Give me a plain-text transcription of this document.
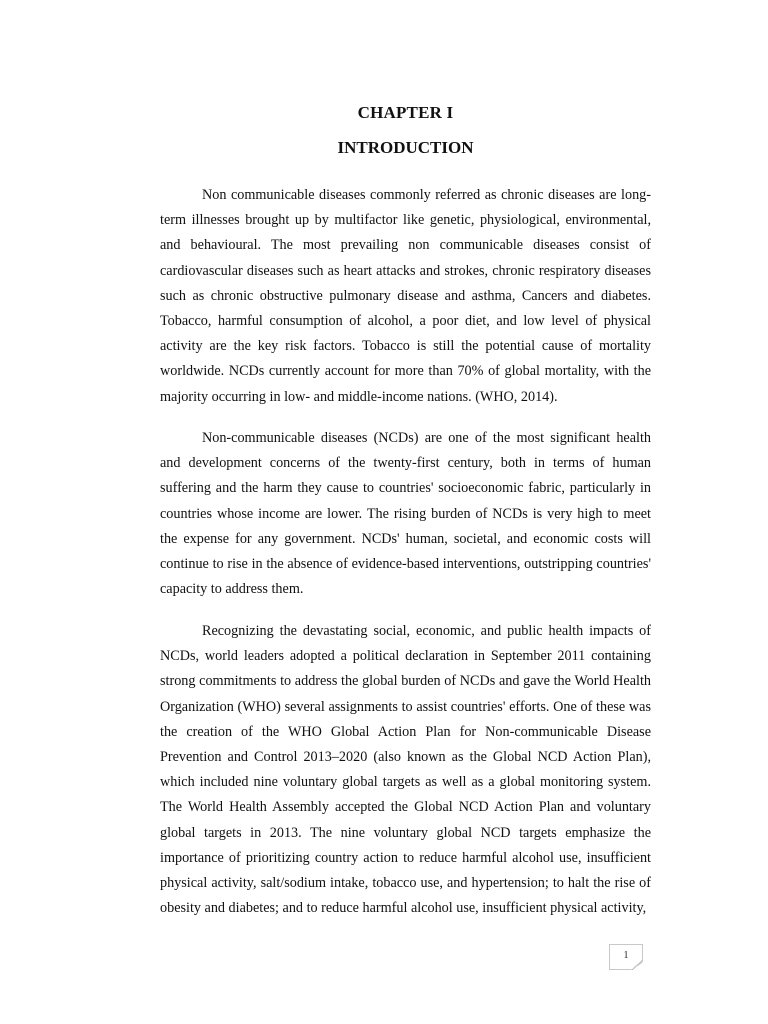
CHAPTER I
INTRODUCTION

Non communicable diseases commonly referred as chronic diseases are long-term illnesses brought up by multifactor like genetic, physiological, environmental, and behavioural. The most prevailing non communicable diseases consist of cardiovascular diseases such as heart attacks and strokes, chronic respiratory diseases such as chronic obstructive pulmonary disease and asthma, Cancers and diabetes. Tobacco, harmful consumption of alcohol, a poor diet, and low level of physical activity are the key risk factors. Tobacco is still the potential cause of mortality worldwide. NCDs currently account for more than 70% of global mortality, with the majority occurring in low- and middle-income nations. (WHO, 2014).

Non-communicable diseases (NCDs) are one of the most significant health and development concerns of the twenty-first century, both in terms of human suffering and the harm they cause to countries' socioeconomic fabric, particularly in countries whose income are lower. The rising burden of NCDs is very high to meet the expense for any government. NCDs' human, societal, and economic costs will continue to rise in the absence of evidence-based interventions, outstripping countries' capacity to address them.

Recognizing the devastating social, economic, and public health impacts of NCDs, world leaders adopted a political declaration in September 2011 containing strong commitments to address the global burden of NCDs and gave the World Health Organization (WHO) several assignments to assist countries' efforts. One of these was the creation of the WHO Global Action Plan for Non-communicable Disease Prevention and Control 2013–2020 (also known as the Global NCD Action Plan), which included nine voluntary global targets as well as a global monitoring system. The World Health Assembly accepted the Global NCD Action Plan and voluntary global targets in 2013. The nine voluntary global NCD targets emphasize the importance of prioritizing country action to reduce harmful alcohol use, insufficient physical activity, salt/sodium intake, tobacco use, and hypertension; to halt the rise of obesity and diabetes; and to reduce harmful alcohol use, insufficient physical activity,

1
